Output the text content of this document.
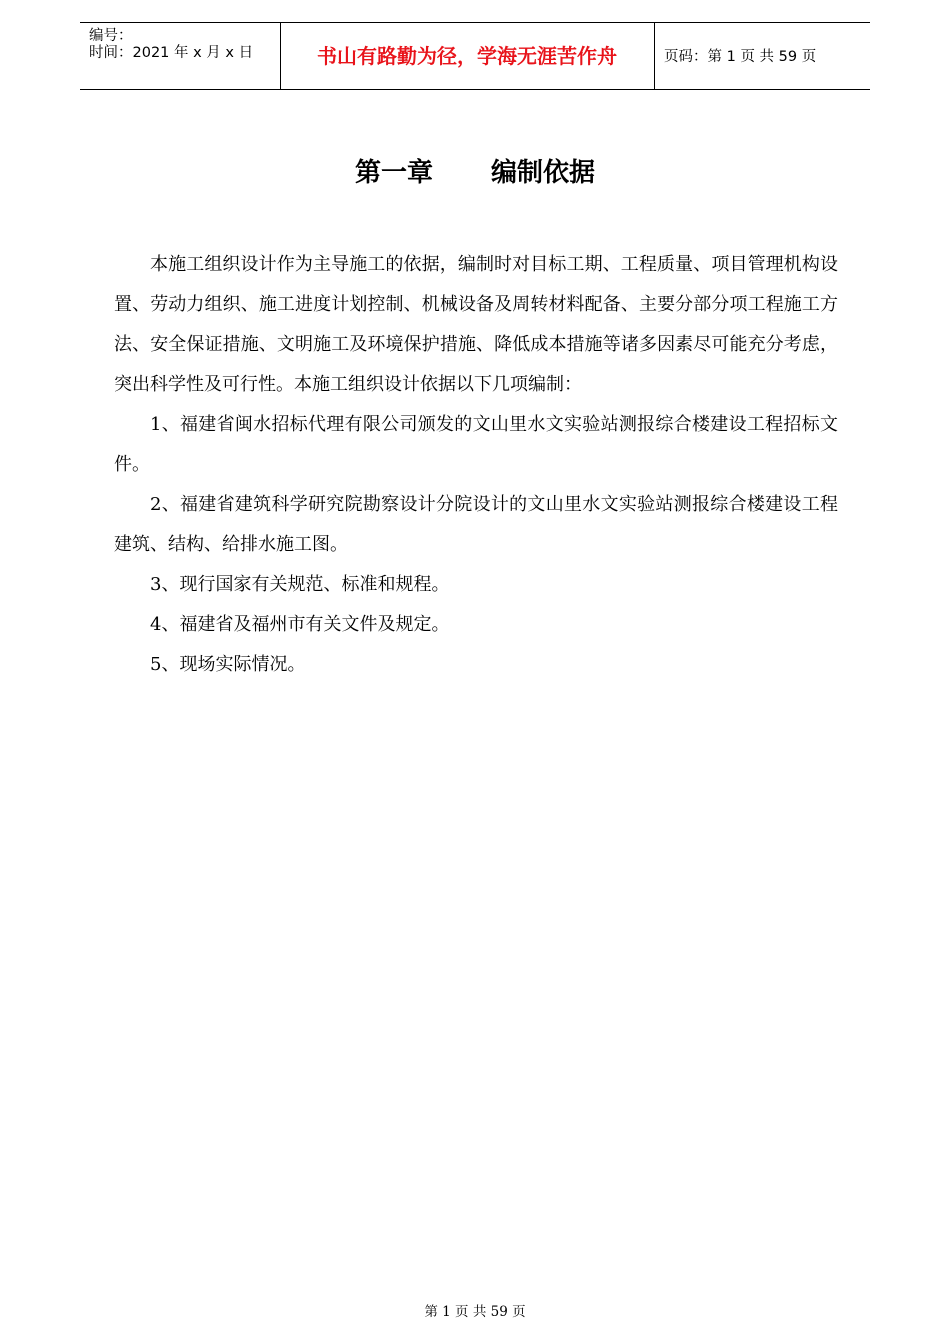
编号：
时间：2021 年 x 月 x 日	书山有路勤为径，学海无涯苦作舟	页码：第 1 页 共 59 页
第一章 编制依据

本施工组织设计作为主导施工的依据，编制时对目标工期、工程质量、项目管理机构设置、劳动力组织、施工进度计划控制、机械设备及周转材料配备、主要分部分项工程施工方法、安全保证措施、文明施工及环境保护措施、降低成本措施等诸多因素尽可能充分考虑，突出科学性及可行性。本施工组织设计依据以下几项编制：

1、福建省闽水招标代理有限公司颁发的文山里水文实验站测报综合楼建设工程招标文件。

2、福建省建筑科学研究院勘察设计分院设计的文山里水文实验站测报综合楼建设工程建筑、结构、给排水施工图。

3、现行国家有关规范、标准和规程。

4、福建省及福州市有关文件及规定。

5、现场实际情况。

第 1 页 共 59 页
